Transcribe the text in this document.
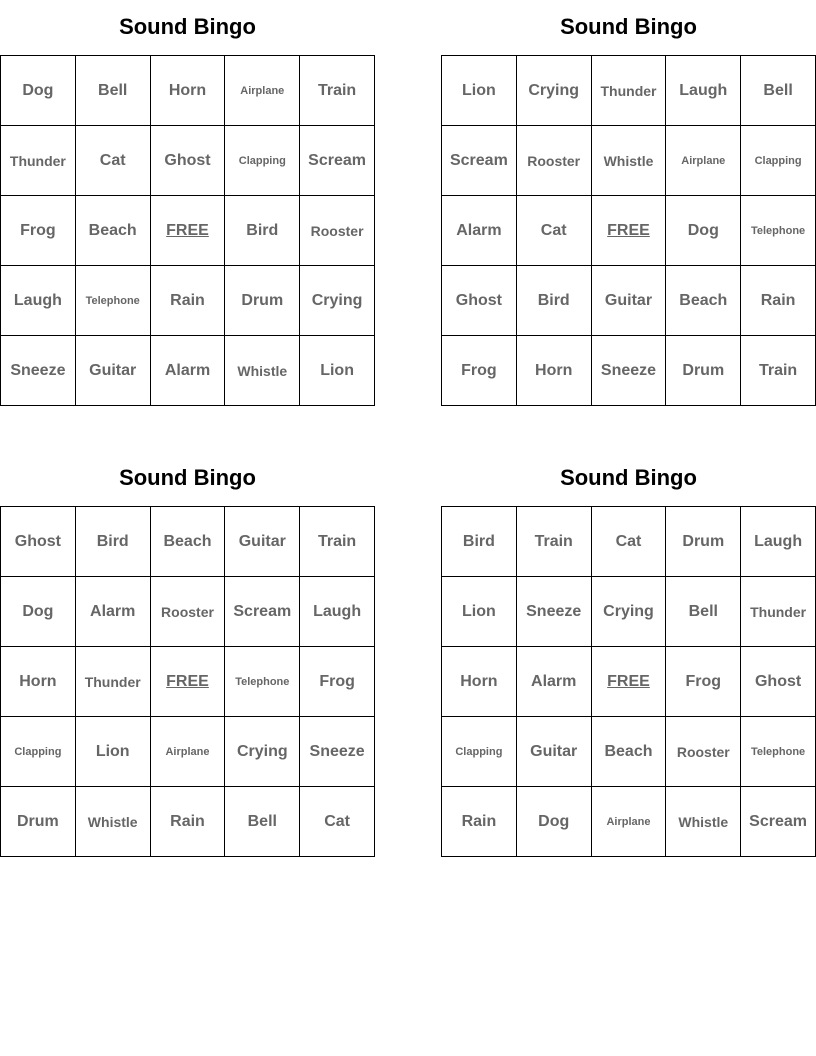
Sound Bingo
Dog	Bell	Horn	Airplane	Train
Thunder	Cat	Ghost	Clapping	Scream
Frog	Beach	FREE	Bird	Rooster
Laugh	Telephone	Rain	Drum	Crying
Sneeze	Guitar	Alarm	Whistle	Lion
Sound Bingo
Lion	Crying	Thunder	Laugh	Bell
Scream	Rooster	Whistle	Airplane	Clapping
Alarm	Cat	FREE	Dog	Telephone
Ghost	Bird	Guitar	Beach	Rain
Frog	Horn	Sneeze	Drum	Train
Sound Bingo
Ghost	Bird	Beach	Guitar	Train
Dog	Alarm	Rooster	Scream	Laugh
Horn	Thunder	FREE	Telephone	Frog
Clapping	Lion	Airplane	Crying	Sneeze
Drum	Whistle	Rain	Bell	Cat
Sound Bingo
Bird	Train	Cat	Drum	Laugh
Lion	Sneeze	Crying	Bell	Thunder
Horn	Alarm	FREE	Frog	Ghost
Clapping	Guitar	Beach	Rooster	Telephone
Rain	Dog	Airplane	Whistle	Scream
